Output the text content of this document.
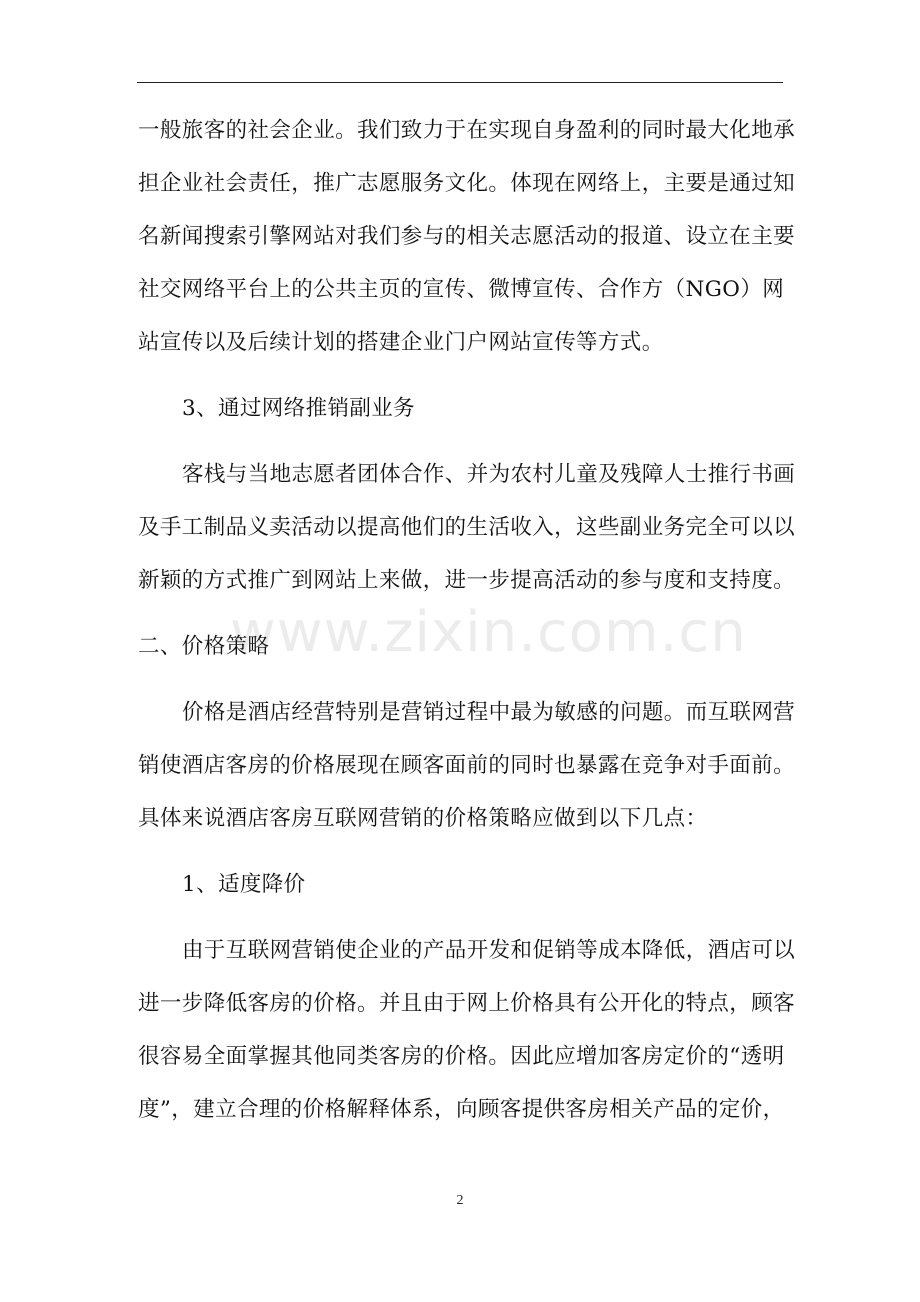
www.zixin.com.cn
一般旅客的社会企业。我们致力于在实现自身盈利的同时最大化地承
担企业社会责任，推广志愿服务文化。体现在网络上，主要是通过知
名新闻搜索引擎网站对我们参与的相关志愿活动的报道、设立在主要
社交网络平台上的公共主页的宣传、微博宣传、合作方（NGO）网
站宣传以及后续计划的搭建企业门户网站宣传等方式。
3、通过网络推销副业务
客栈与当地志愿者团体合作、并为农村儿童及残障人士推行书画
及手工制品义卖活动以提高他们的生活收入，这些副业务完全可以以
新颖的方式推广到网站上来做，进一步提高活动的参与度和支持度。
二、价格策略
价格是酒店经营特别是营销过程中最为敏感的问题。而互联网营
销使酒店客房的价格展现在顾客面前的同时也暴露在竞争对手面前。
具体来说酒店客房互联网营销的价格策略应做到以下几点：
1、适度降价
由于互联网营销使企业的产品开发和促销等成本降低，酒店可以
进一步降低客房的价格。并且由于网上价格具有公开化的特点，顾客
很容易全面掌握其他同类客房的价格。因此应增加客房定价的“透明
度”，建立合理的价格解释体系，向顾客提供客房相关产品的定价，
2
